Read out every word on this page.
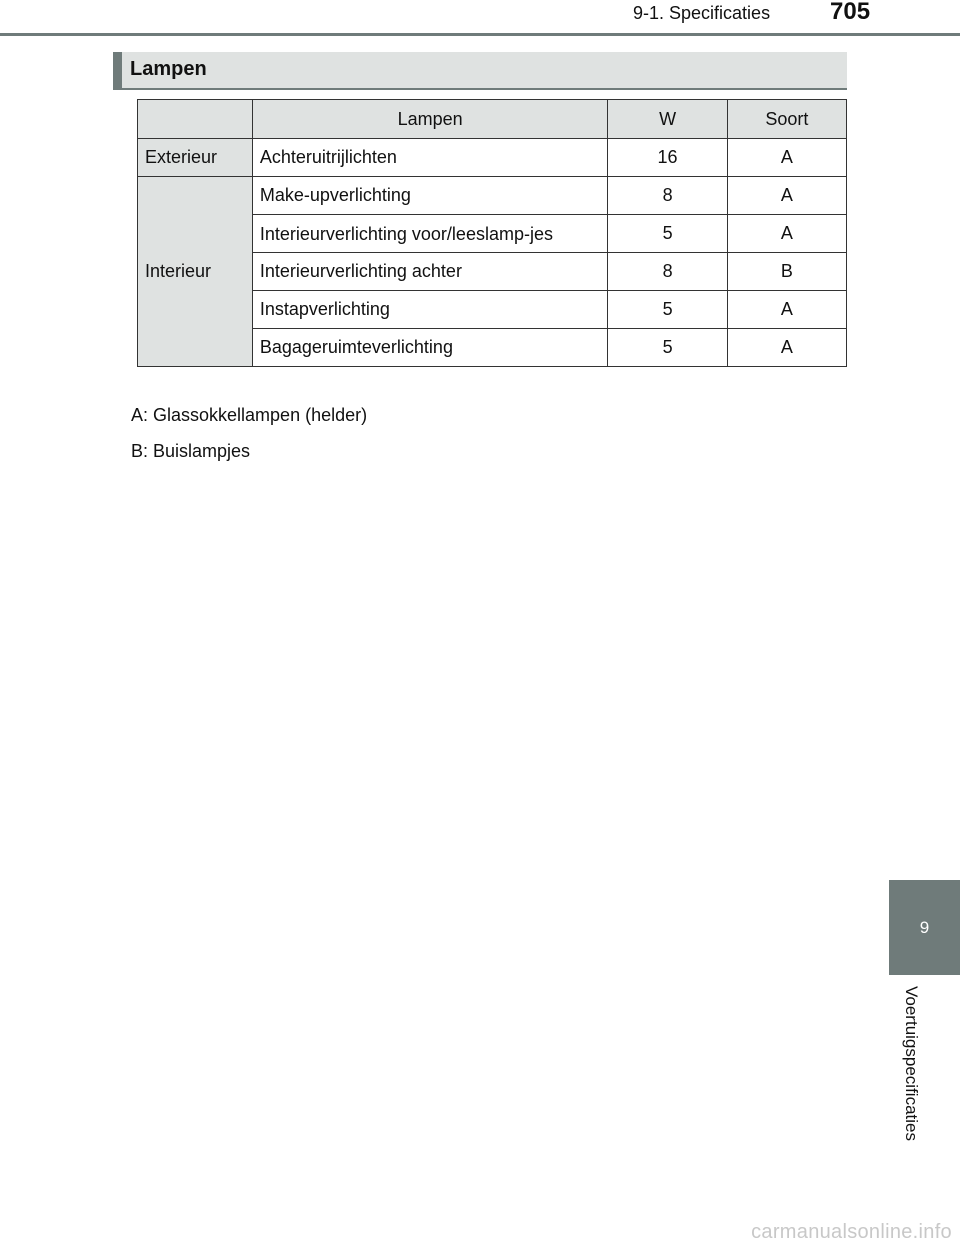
9-1. Specificaties 705
Lampen
	Lampen	W	Soort
Exterieur	Achteruitrijlichten	16	A
Interieur	Make-upverlichting	8	A
	Interieurverlichting voor/leeslamp-jes	5	A
	Interieurverlichting achter	8	B
	Instapverlichting	5	A
	Bagageruimteverlichting	5	A
A: Glassokkellampen (helder)
B: Buislampjes
9
Voertuigspecificaties
carmanualsonline.info
